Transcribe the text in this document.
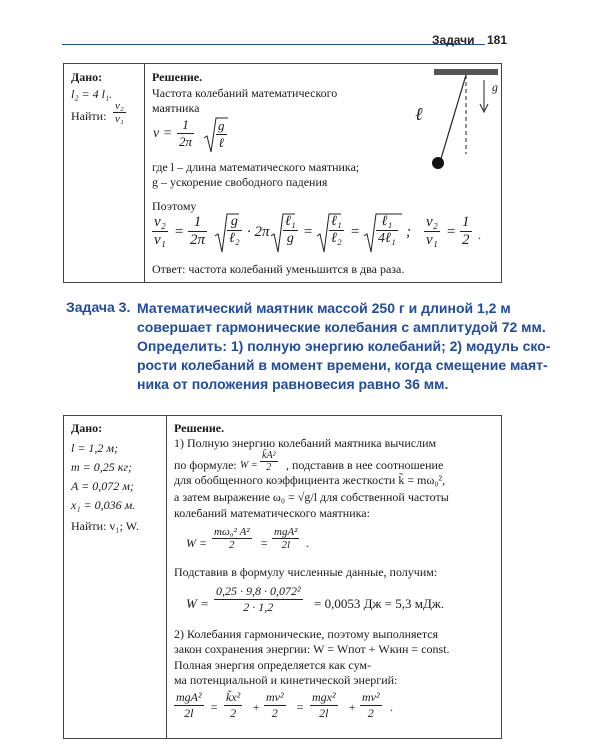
Задачи 181
Дано:
l₂ = 4 l₁.
Найти: $\frac{\text{ν₂}}{\text{ν₁}}$
Решение.
Частота колебаний математического
маятника
$\nu = \frac{1}{2\pi}$ g
ℓ
где l – длина математического маятника;
g – ускорение свободного падения
Поэтому
$\frac{\text{ν₂}}{\text{ν₁}} = \frac{1}{2\pi}$ g
ℓ₂ · 2π
ℓ₁
g =
ℓ₁
ℓ₂ =
ℓ₁
4ℓ₁ ; $\frac{\text{ν₂}}{\text{ν₁}} = \frac{1}{2}$ .
Ответ: частота колебаний уменьшится в два раза.
ℓ
g
Задача 3. Математический маятник массой 250 г и длиной 1,2 м
совершает гармонические колебания с амплитудой 72 мм.
Определить: 1) полную энергию колебаний; 2) модуль ско-
рости колебаний в момент времени, когда смещение маят-
ника от положения равновесия равно 36 мм.
Дано:
l = 1,2 м;
m = 0,25 кг;
A = 0,072 м;
x₁ = 0,036 м.
Найти: v₁; W.
Решение.
1) Полную энергию колебаний маятника вычислим
по формуле: $W = \frac{\text{k̃A²}}{2}$ , подставив в нее соотношение
для обобщенного коэффициента жесткости k̃ = mω₀²,
а затем выражение ω₀ = √g/l для собственной частоты
колебаний математического маятника:
$W = \frac{\text{mω₀² A²}}{2}$ =
mgA²
2l	.
Подставив в формулу численные данные, получим:
$W = \frac{\text{0,25 · 9,8 · 0,072²}}{2 \cdot 1,2} = 0,0053$ Дж = 5,3 мДж.
2) Колебания гармонические, поэтому выполняется
закон сохранения энергии: W = Wпот + Wкин = const.
Полная энергия определяется как сум-
ма потенциальной и кинетической энергий:
mgA²
2l	= $\frac{\text{k̃x²}}{2} + \frac{\text{mv²}}{2}$ =
mgx²
2l	+ $\frac{\text{mv²}}{2}$ .
